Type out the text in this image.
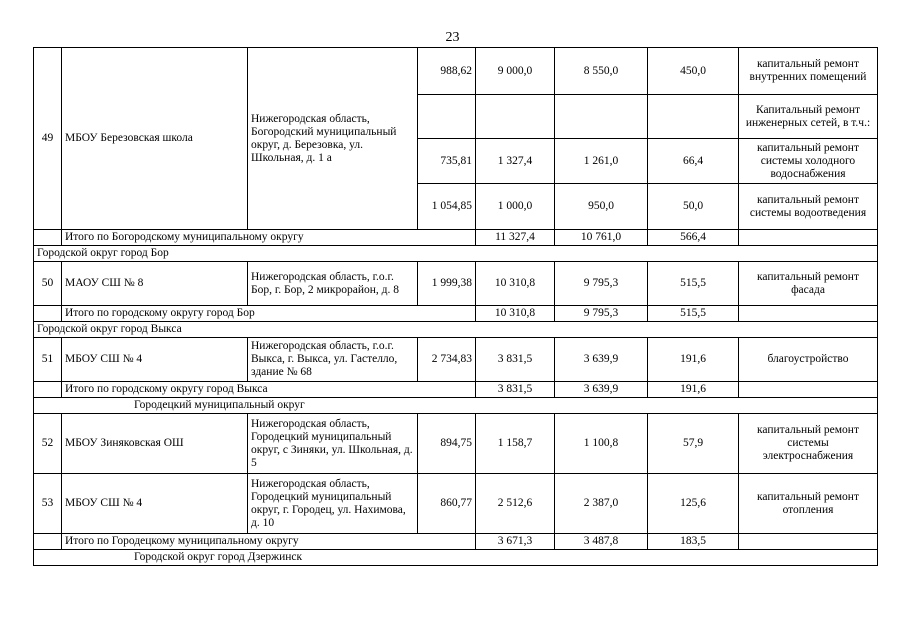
23
49	МБОУ Березовская школа	Нижегородская область, Богородский муниципальный округ, д. Березовка, ул. Школьная, д. 1 а	988,62	9 000,0	8 550,0	450,0	капитальный ремонт внутренних помещений
							Капитальный ремонт инженерных сетей, в т.ч.:
			735,81	1 327,4	1 261,0	66,4	капитальный ремонт системы холодного водоснабжения
			1 054,85	1 000,0	950,0	50,0	капитальный ремонт системы водоотведения
	Итого по Богородскому муниципальному округу			11 327,4	10 761,0	566,4	
Городской округ город Бор							
50	МАОУ СШ № 8	Нижегородская область, г.о.г. Бор, г. Бор, 2 микрорайон, д. 8	1 999,38	10 310,8	9 795,3	515,5	капитальный ремонт фасада
	Итого по городскому округу город Бор			10 310,8	9 795,3	515,5	
Городской округ город Выкса							
51	МБОУ СШ № 4	Нижегородская область, г.о.г. Выкса, г. Выкса, ул. Гастелло, здание № 68	2 734,83	3 831,5	3 639,9	191,6	благоустройство
	Итого по городскому округу город Выкса			3 831,5	3 639,9	191,6	
Городецкий муниципальный округ							
52	МБОУ Зиняковская ОШ	Нижегородская область, Городецкий муниципальный округ, с Зиняки, ул. Школьная, д. 5	894,75	1 158,7	1 100,8	57,9	капитальный ремонт системы электроснабжения
53	МБОУ СШ № 4	Нижегородская область, Городецкий муниципальный округ, г. Городец, ул. Нахимова, д. 10	860,77	2 512,6	2 387,0	125,6	капитальный ремонт отопления
	Итого по Городецкому муниципальному округу			3 671,3	3 487,8	183,5	
Городской округ город Дзержинск							
